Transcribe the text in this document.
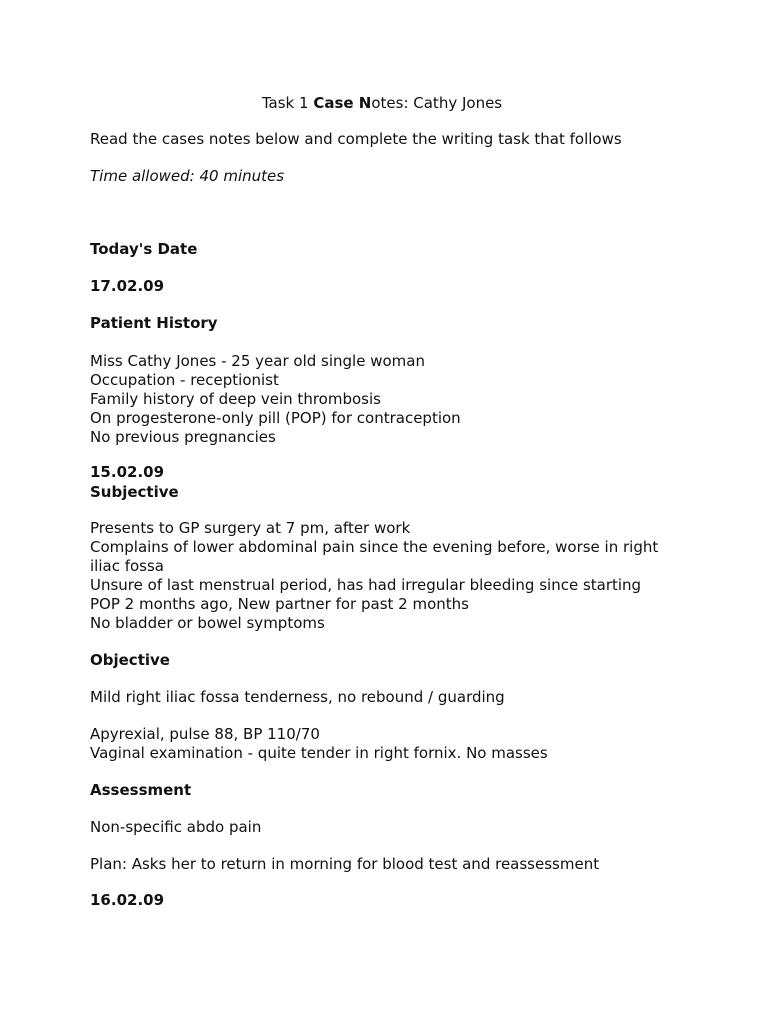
Task 1 Case Notes: Cathy Jones

Read the cases notes below and complete the writing task that follows

Time allowed: 40 minutes

Today's Date

17.02.09

Patient History

Miss Cathy Jones - 25 year old single woman
Occupation - receptionist
Family history of deep vein thrombosis
On progesterone-only pill (POP) for contraception
No previous pregnancies

15.02.09

Subjective

Presents to GP surgery at 7 pm, after work
Complains of lower abdominal pain since the evening before, worse in right
iliac fossa
Unsure of last menstrual period, has had irregular bleeding since starting
POP 2 months ago, New partner for past 2 months
No bladder or bowel symptoms

Objective

Mild right iliac fossa tenderness, no rebound / guarding

Apyrexial, pulse 88, BP 110/70
Vaginal examination - quite tender in right fornix. No masses

Assessment

Non-specific abdo pain

Plan: Asks her to return in morning for blood test and reassessment

16.02.09
